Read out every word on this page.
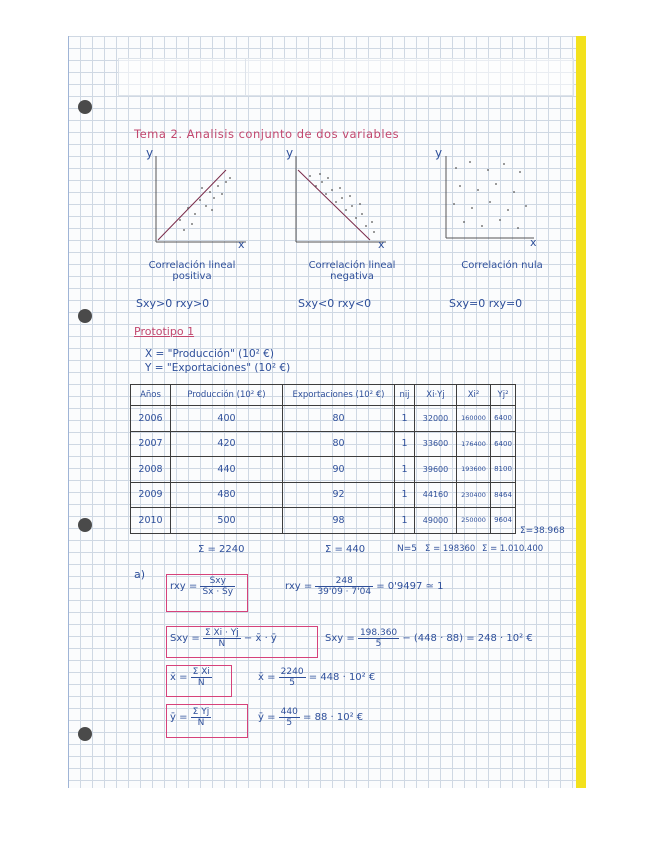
Tema 2. Analisis conjunto de dos variables
y
x
y
x
y
x
Correlación lineal
positiva
Correlación lineal
negativa
Correlación nula
Sxy>0 rxy>0	Sxy<0 rxy<0	Sxy=0 rxy=0
Prototipo 1
X = "Producción" (10² €)
Y = "Exportaciones" (10² €)
Años	Producción (10² €)	Exportaciones (10² €)	nij	Xi·Yj	Xi²	Yj²
2006	400	80	1	32000	160000	6400
2007	420	80	1	33600	176400	6400
2008	440	90	1	39600	193600	8100
2009	480	92	1	44160	230400	8464
2010	500	98	1	49000	250000	9604
Σ=38.968
Σ = 2240	Σ = 440	N=5 Σ = 198360 Σ = 1.010.400
a)
rxy = $\frac{\text{Sxy}}{Sx \cdot Sy}$	rxy = $\frac{248}{39'09 \cdot 7'04} = 0'9497$ ≃ 1
Sxy = $\frac{\text{Σ Xi · Yj}}{N}$ − x̄ · ȳ	Sxy = $\frac{198.360}{5} - (448 \cdot 88) = 248 \cdot 10^2$ €
x̄ = $\frac{\text{Σ Xi}}{N}$	x̄ = $\frac{2240}{5} = 448 \cdot 10^2$ €
ȳ = $\frac{\text{Σ Yj}}{N}$	ȳ = $\frac{440}{5} = 88 \cdot 10^2$ €
